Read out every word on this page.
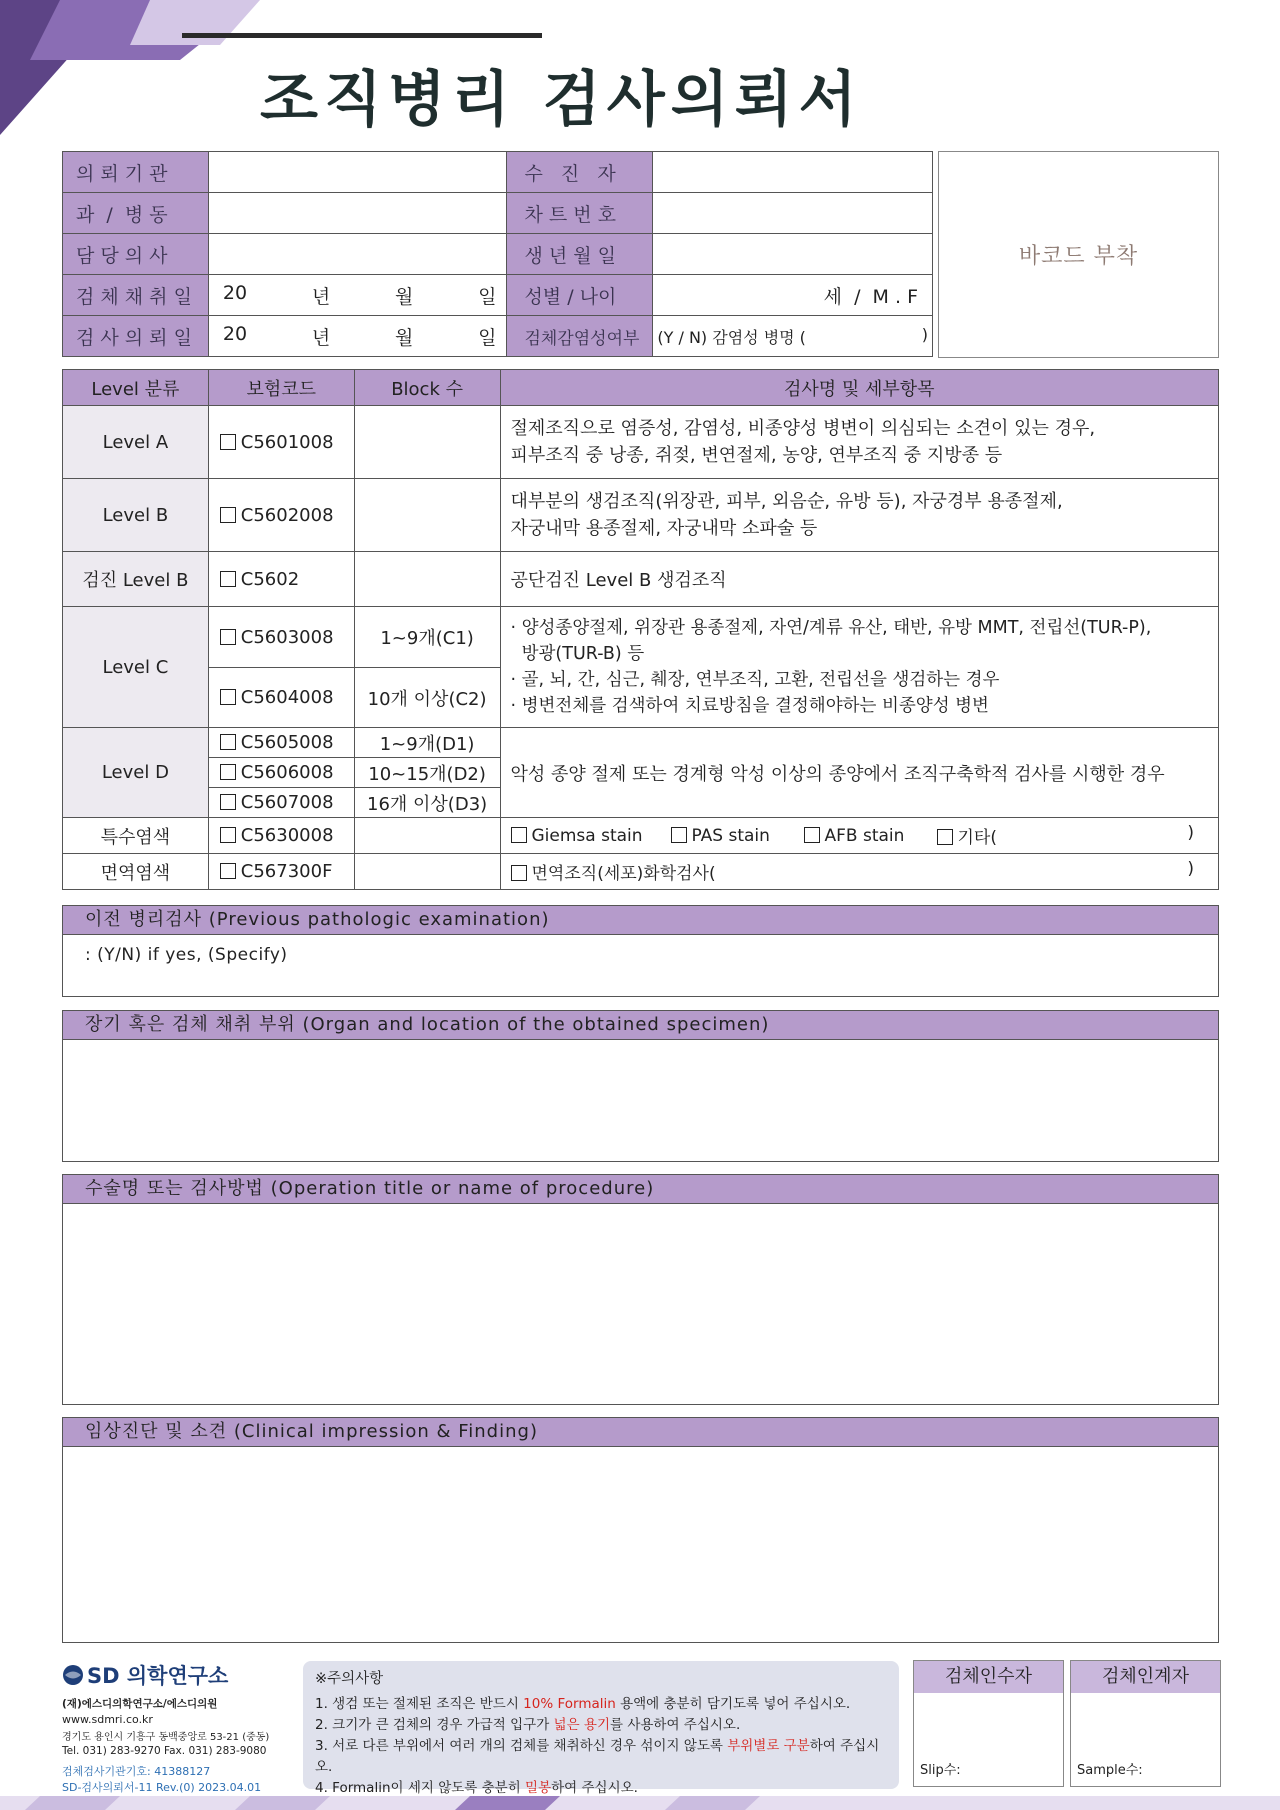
조직병리 검사의뢰서
의 뢰 기 관		수   진   자	
과  /  병 동		차 트 번 호	
담 당 의 사		생 년 월 일	
검 체 채 취 일	20 년 월 일	성별 / 나이	세  /  M . F
검 사 의 뢰 일	20 년 월 일	검체감염성여부	(Y / N) 감염성 병명 ( )
바코드 부착
Level 분류	보험코드	Block 수	검사명 및 세부항목
Level A	C5601008		절제조직으로 염증성, 감염성, 비종양성 병변이 의심되는 소견이 있는 경우,
피부조직 중 낭종, 쥐젖, 변연절제, 농양, 연부조직 중 지방종 등

Level B	C5602008		대부분의 생검조직(위장관, 피부, 외음순, 유방 등), 자궁경부 용종절제,
자궁내막 용종절제, 자궁내막 소파술 등

검진 Level B	C5602		공단검진 Level B 생검조직
Level C	C5603008	1~9개(C1)	· 양성종양절제, 위장관 용종절제, 자연/계류 유산, 태반, 유방 MMT, 전립선(TUR-P),
방광(TUR-B) 등
· 골, 뇌, 간, 심근, 췌장, 연부조직, 고환, 전립선을 생검하는 경우
· 병변전체를 검색하여 치료방침을 결정해야하는 비종양성 병변

	C5604008	10개 이상(C2)	
Level D	C5605008	1~9개(D1)	악성 종양 절제 또는 경계형 악성 이상의 종양에서 조직구축학적 검사를 시행한 경우
	C5606008	10~15개(D2)	
	C5607008	16개 이상(D3)	
특수염색	C5630008		Giemsa stain PAS stain AFB stain 기타( )

면역염색	C567300F		면역조직(세포)화학검사( )
이전 병리검사 (Previous pathologic examination)
: (Y/N) if yes, (Specify)
장기 혹은 검체 채취 부위 (Organ and location of the obtained specimen)
수술명 또는 검사방법 (Operation title or name of procedure)
임상진단 및 소견 (Clinical impression & Finding)
SD 의학연구소
(재)에스디의학연구소/에스디의원
www.sdmri.co.kr
경기도 용인시 기흥구 동백중앙로 53-21 (중동)
Tel. 031) 283-9270 Fax. 031) 283-9080
검체검사기관기호: 41388127
SD-검사의뢰서-11 Rev.(0) 2023.04.01
※주의사항
1. 생검 또는 절제된 조직은 반드시 10% Formalin 용액에 충분히 담기도록 넣어 주십시오.
2. 크기가 큰 검체의 경우 가급적 입구가 넓은 용기를 사용하여 주십시오.
3. 서로 다른 부위에서 여러 개의 검체를 채취하신 경우 섞이지 않도록 부위별로 구분하여 주십시오.
4. Formalin이 세지 않도록 충분히 밀봉하여 주십시오.
검체인수자
Slip수:
검체인계자
Sample수:
